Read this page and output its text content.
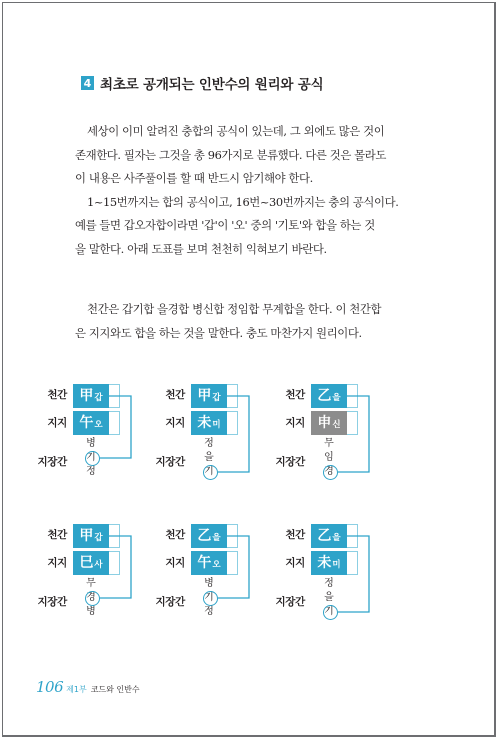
4 최초로 공개되는 인반수의 원리와 공식

세상이 이미 알려진 충합의 공식이 있는데, 그 외에도 많은 것이

존재한다. 필자는 그것을 총 96가지로 분류했다. 다른 것은 몰라도

이 내용은 사주풀이를 할 때 반드시 암기해야 한다.

1~15번까지는 합의 공식이고, 16번~30번까지는 충의 공식이다.

예를 들면 갑오자합이라면 '갑'이 '오' 중의 '기토'와 합을 하는 것

을 말한다. 아래 도표를 보며 천천히 익혀보기 바란다.

천간은 갑기합 을경합 병신합 정임합 무계합을 한다. 이 천간합

은 지지와도 합을 하는 것을 말한다. 충도 마찬가지 원리이다.

천간
지지
지장간
甲 갑
午 오
병
기
정
천간
지지
지장간
甲 갑
未 미
정
을
기
천간
지지
지장간
乙 을
申 신
무
임
경
천간
지지
지장간
甲 갑
巳 사
무
경
병
천간
지지
지장간
乙 을
午 오
병
기
정
천간
지지
지장간
乙 을
未 미
정
을
기
106 제1부 코드와 인반수
